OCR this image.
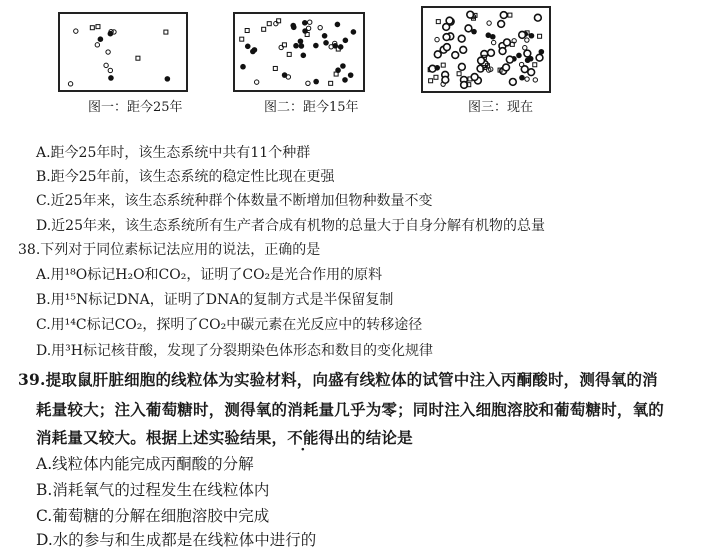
图一：距今25年	图二：距今15年	图三：现在
A.距今25年时，该生态系统中共有11个种群
B.距今25年前，该生态系统的稳定性比现在更强
C.近25年来，该生态系统种群个体数量不断增加但物种数量不变
D.近25年来，该生态系统所有生产者合成有机物的总量大于自身分解有机物的总量
38.下列对于同位素标记法应用的说法，正确的是
A.用¹⁸O标记H₂O和CO₂，证明了CO₂是光合作用的原料
B.用¹⁵N标记DNA，证明了DNA的复制方式是半保留复制
C.用¹⁴C标记CO₂，探明了CO₂中碳元素在光反应中的转移途径
D.用³H标记核苷酸，发现了分裂期染色体形态和数目的变化规律
39.提取鼠肝脏细胞的线粒体为实验材料，向盛有线粒体的试管中注入丙酮酸时，测得氧的消
耗量较大；注入葡萄糖时，测得氧的消耗量几乎为零；同时注入细胞溶胶和葡萄糖时，氧的
消耗量又较大。根据上述实验结果，不能得出的结论是
A.线粒体内能完成丙酮酸的分解
B.消耗氧气的过程发生在线粒体内
C.葡萄糖的分解在细胞溶胶中完成
D.水的参与和生成都是在线粒体中进行的
